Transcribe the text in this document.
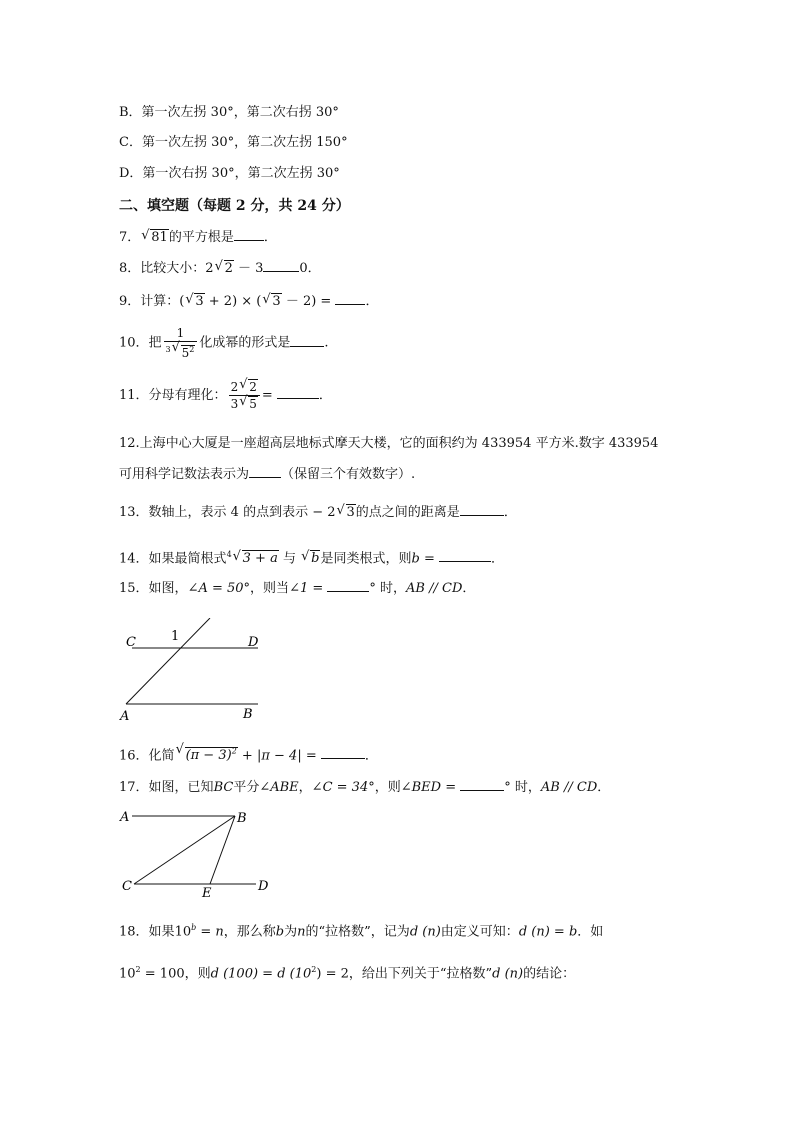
B．第一次左拐 30°，第二次右拐 30°
C．第一次左拐 30°，第二次左拐 150°
D．第一次右拐 30°，第二次左拐 30°
二、填空题（每题 2 分，共 24 分）
7． √ 81的平方根是 ．
8．比较大小：2 √ 2 － 3	0．
9．计算：( √ 3 + 2) × ( √ 3 － 2) =	．
10．把 $\frac{1}{^3 √ 5^2}$ 化成幂的形式是	.
11．分母有理化： $\frac{2 √ 2}{3 √ 5}$ =	．
12.上海中心大厦是一座超高层地标式摩天大楼，它的面积约为 433954 平方米.数字 433954
可用科学记数法表示为 （保留三个有效数字）.
13．数轴上，表示 4 的点到表示 − 2 √ 3的点之间的距离是	．
14．如果最简根式$^4$ √ 3 + a 与 √ b是同类根式，则b =	．
15．如图，∠A = 50°，则当∠1 =	° 时，AB // CD．
C	1	D
A	B
16．化简 √ $(\pi - 3)^2 + |\pi - 4|$ =	．
17．如图，已知BC平分∠ABE，∠C = 34°，则∠BED =	° 时，AB // CD．
A	B
C	E	D
18．如果$10^b = n$，那么称b为n的“拉格数”，记为d (n)由定义可知：d (n) = b．如
$10^2 = 100$，则d (100) = d $(10^2) = 2$，给出下列关于“拉格数”d (n)的结论：
